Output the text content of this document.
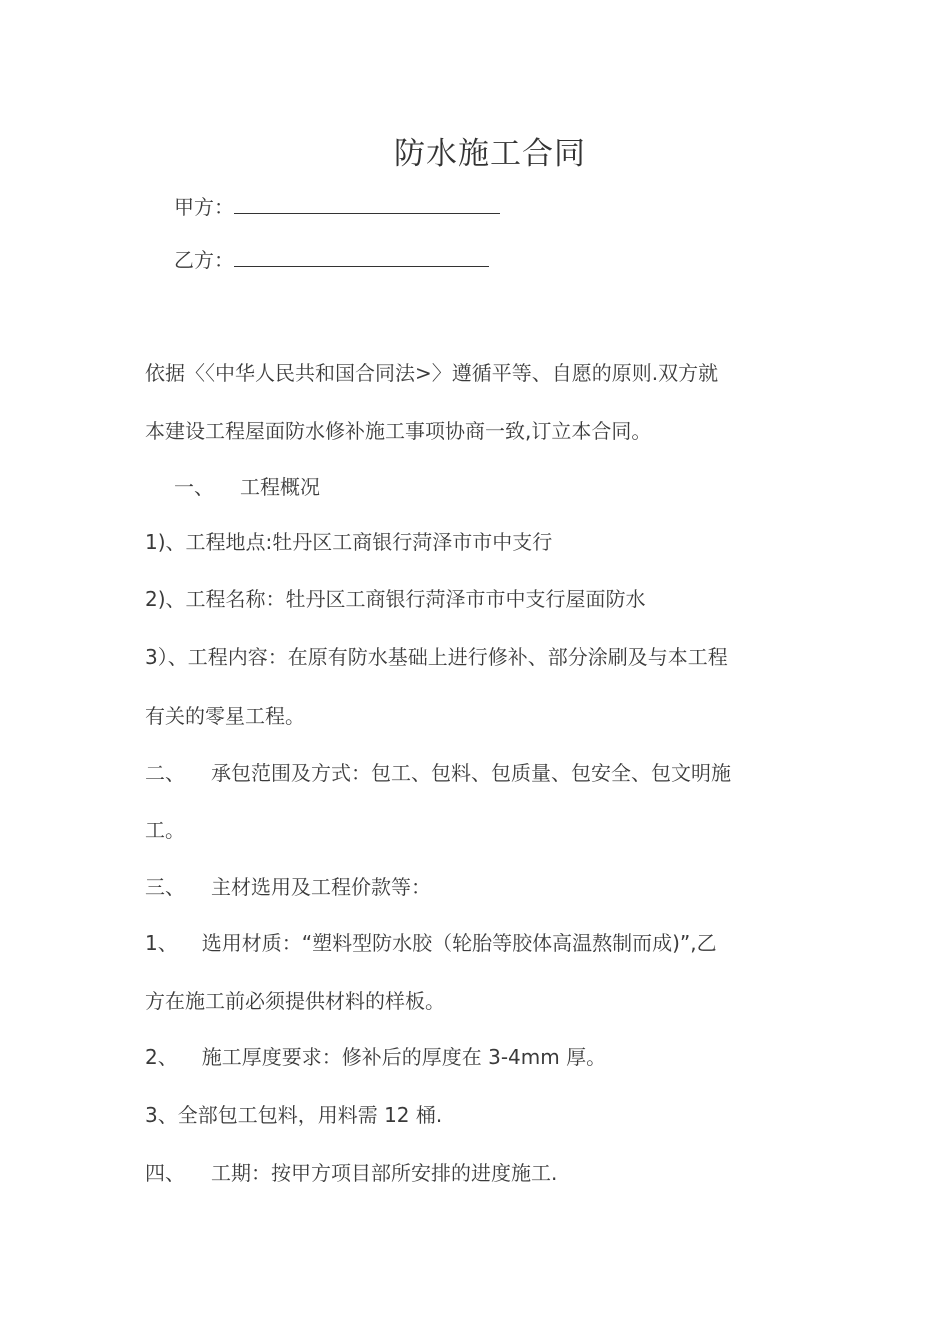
防水施工合同
甲方：
乙方：
依据〈〈中华人民共和国合同法>〉遵循平等、自愿的原则.双方就
本建设工程屋面防水修补施工事项协商一致,订立本合同。
一、 工程概况
1)、工程地点:牡丹区工商银行菏泽市市中支行
2)、工程名称：牡丹区工商银行菏泽市市中支行屋面防水
3）、工程内容：在原有防水基础上进行修补、部分涂刷及与本工程
有关的零星工程。
二、 承包范围及方式：包工、包料、包质量、包安全、包文明施
工。
三、 主材选用及工程价款等：
1、 选用材质：“塑料型防水胶（轮胎等胶体高温熬制而成)”,乙
方在施工前必须提供材料的样板。
2、 施工厚度要求：修补后的厚度在 3-4mm 厚。
3、全部包工包料，用料需 12 桶.
四、 工期：按甲方项目部所安排的进度施工.
